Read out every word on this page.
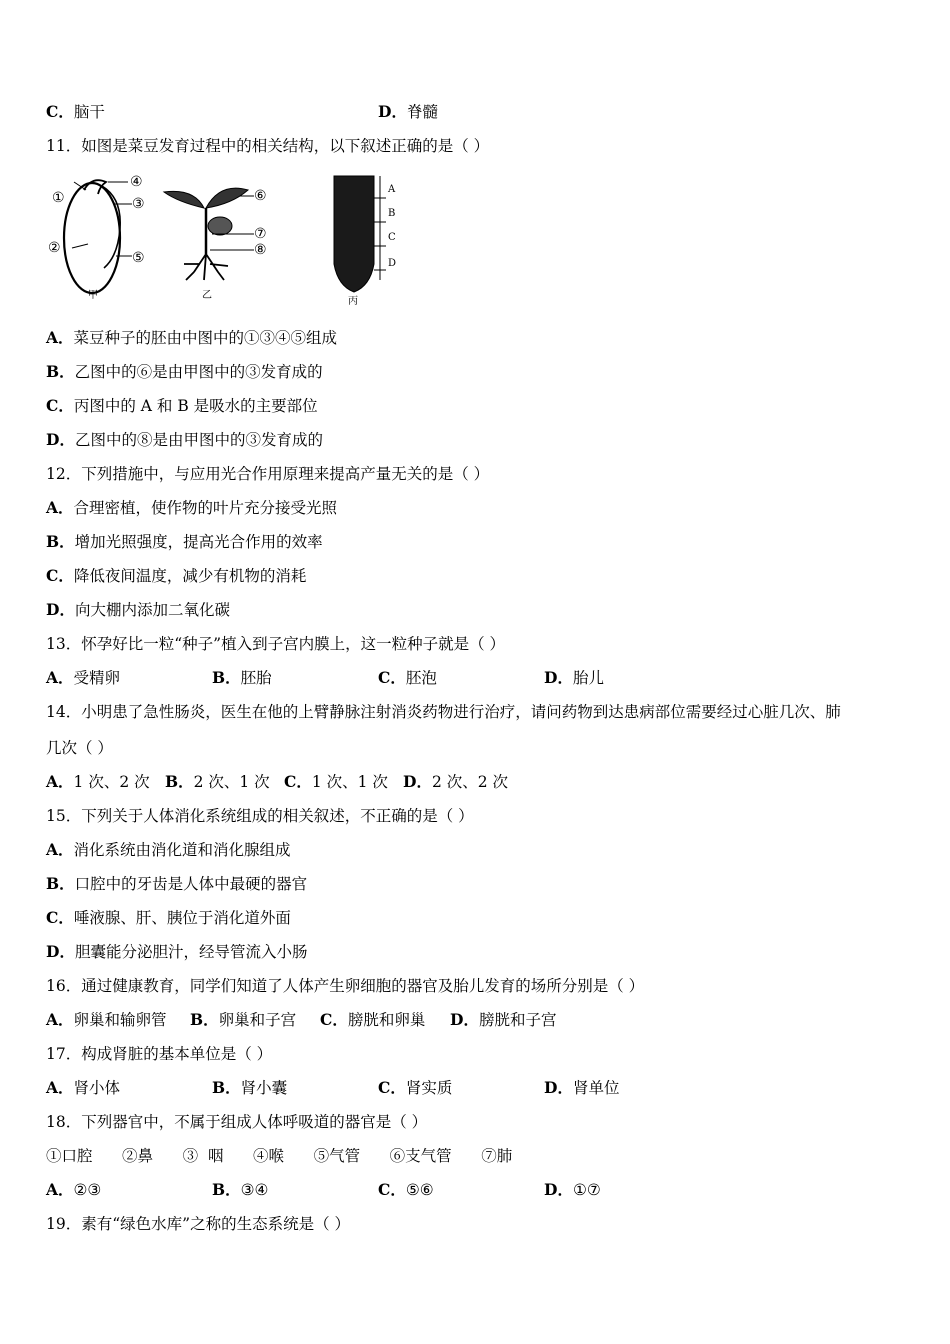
C．脑干	D．脊髓
11．如图是菜豆发育过程中的相关结构，以下叙述正确的是（ ）
①
②
③
④
⑤
甲
⑥
⑦
⑧
乙
A
B
C
D
丙
A．菜豆种子的胚由中图中的①③④⑤组成
B．乙图中的⑥是由甲图中的③发育成的
C．丙图中的 A 和 B 是吸水的主要部位
D．乙图中的⑧是由甲图中的③发育成的
12．下列措施中，与应用光合作用原理来提高产量无关的是（ ）
A．合理密植，使作物的叶片充分接受光照
B．增加光照强度，提高光合作用的效率
C．降低夜间温度，减少有机物的消耗
D．向大棚内添加二氧化碳
13．怀孕好比一粒“种子”植入到子宫内膜上，这一粒种子就是（ ）
A．受精卵	B．胚胎	C．胚泡	D．胎儿
14．小明患了急性肠炎，医生在他的上臂静脉注射消炎药物进行治疗，请问药物到达患病部位需要经过心脏几次、肺
几次（ ）
A．1 次、2 次 B．2 次、1 次 C．1 次、1 次 D．2 次、2 次
15．下列关于人体消化系统组成的相关叙述，不正确的是（ ）
A．消化系统由消化道和消化腺组成
B．口腔中的牙齿是人体中最硬的器官
C．唾液腺、肝、胰位于消化道外面
D．胆囊能分泌胆汁，经导管流入小肠
16．通过健康教育，同学们知道了人体产生卵细胞的器官及胎儿发育的场所分别是（ ）
A．卵巢和输卵管 B．卵巢和子宫 C．膀胱和卵巢 D．膀胱和子宫
17．构成肾脏的基本单位是（ ）
A．肾小体	B．肾小囊	C．肾实质	D．肾单位
18．下列器官中，不属于组成人体呼吸道的器官是（ ）
①口腔      ②鼻      ③  咽      ④喉      ⑤气管      ⑥支气管      ⑦肺
A．②③	B．③④	C．⑤⑥	D．①⑦
19．素有“绿色水库”之称的生态系统是（ ）
